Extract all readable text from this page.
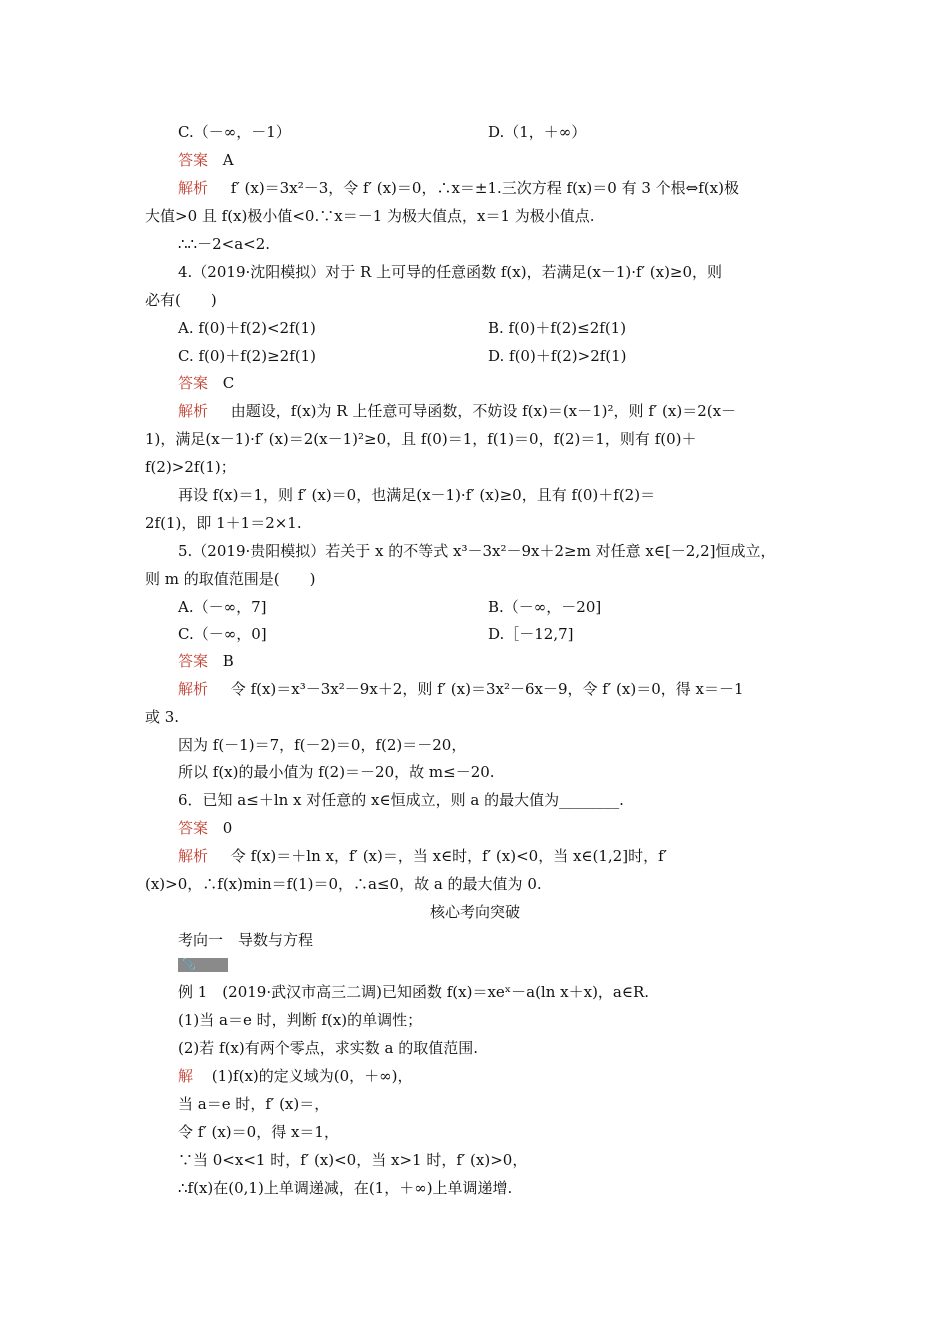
C.（－∞，－1）	D.（1，＋∞）
答案 A
解析 f′ (x)＝3x²－3，令 f′ (x)＝0，∴x＝±1.三次方程 f(x)＝0 有 3 个根⇔f(x)极
大值>0 且 f(x)极小值<0.∵x＝－1 为极大值点，x＝1 为极小值点.
∴∴－2<a<2.
4.（2019·沈阳模拟）对于 R 上可导的任意函数 f(x)，若满足(x－1)·f′ (x)≥0，则
必有(　　)
A. f(0)＋f(2)<2f(1)	B. f(0)＋f(2)≤2f(1)
C. f(0)＋f(2)≥2f(1)	D. f(0)＋f(2)>2f(1)
答案 C
解析 由题设，f(x)为 R 上任意可导函数，不妨设 f(x)＝(x－1)²，则 f′ (x)＝2(x－
1)，满足(x－1)·f′ (x)＝2(x－1)²≥0，且 f(0)＝1，f(1)＝0，f(2)＝1，则有 f(0)＋
f(2)>2f(1)；
再设 f(x)＝1，则 f′ (x)＝0，也满足(x－1)·f′ (x)≥0，且有 f(0)＋f(2)＝
2f(1)，即 1＋1＝2×1.
5.（2019·贵阳模拟）若关于 x 的不等式 x³－3x²－9x＋2≥m 对任意 x∈[－2,2]恒成立，
则 m 的取值范围是(　　)
A.（－∞，7]	B.（－∞，－20]
C.（－∞，0]	D.［－12,7]
答案 B
解析 令 f(x)＝x³－3x²－9x＋2，则 f′ (x)＝3x²－6x－9，令 f′ (x)＝0，得 x＝－1
或 3.
因为 f(－1)＝7，f(－2)＝0，f(2)＝－20，
所以 f(x)的最小值为 f(2)＝－20，故 m≤－20.
6．已知 a≤＋ln x 对任意的 x∈恒成立，则 a 的最大值为________.
答案 0
解析 令 f(x)＝＋ln x，f′ (x)＝，当 x∈时，f′ (x)<0，当 x∈(1,2]时，f′
(x)>0，∴f(x)min＝f(1)＝0，∴a≤0，故 a 的最大值为 0.
核心考向突破
考向一　导数与方程
📎
例 1　(2019·武汉市高三二调)已知函数 f(x)＝xeˣ－a(ln x＋x)，a∈R.
(1)当 a＝e 时，判断 f(x)的单调性；
(2)若 f(x)有两个零点，求实数 a 的取值范围.
解 (1)f(x)的定义域为(0，＋∞)，
当 a＝e 时，f′ (x)＝，
令 f′ (x)＝0，得 x＝1，
∵当 0<x<1 时，f′ (x)<0，当 x>1 时，f′ (x)>0，
∴f(x)在(0,1)上单调递减，在(1，＋∞)上单调递增.
